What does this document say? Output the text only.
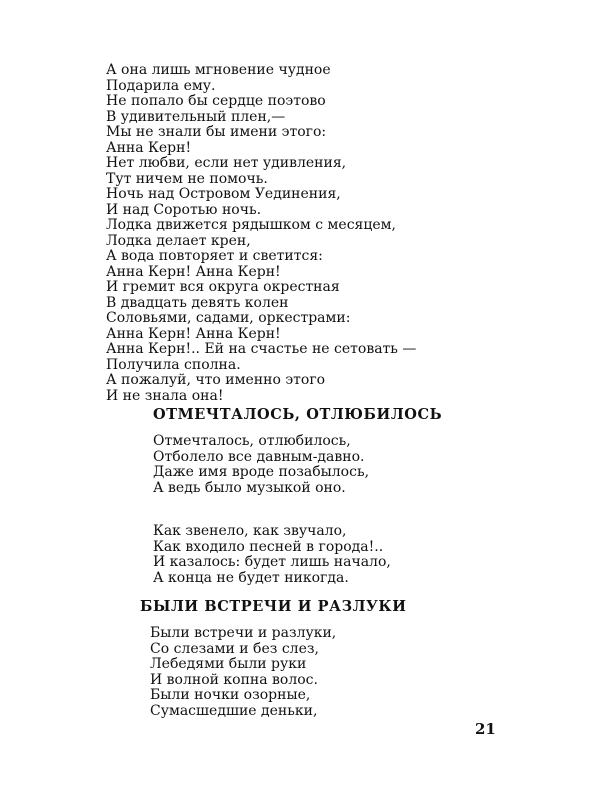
А она лишь мгновение чудное
Подарила ему.
Не попало бы сердце поэтово
В удивительный плен,—
Мы не знали бы имени этого:
Анна Керн!
Нет любви, если нет удивления,
Тут ничем не помочь.
Ночь над Островом Уединения,
И над Соротью ночь.
Лодка движется рядышком с месяцем,
Лодка делает крен,
А вода повторяет и светится:
Анна Керн! Анна Керн!
И гремит вся округа окрестная
В двадцать девять колен
Соловьями, садами, оркестрами:
Анна Керн! Анна Керн!
Анна Керн!.. Ей на счастье не сетовать —
Получила сполна.
А пожалуй, что именно этого
И не знала она!
ОТМЕЧТАЛОСЬ, ОТЛЮБИЛОСЬ
Отмечталось, отлюбилось,
Отболело все давным-давно.
Даже имя вроде позабылось,
А ведь было музыкой оно.
Как звенело, как звучало,
Как входило песней в города!..
И казалось: будет лишь начало,
А конца не будет никогда.
БЫЛИ ВСТРЕЧИ И РАЗЛУКИ
Были встречи и разлуки,
Со слезами и без слез,
Лебедями были руки
И волной копна волос.
Были ночки озорные,
Сумасшедшие деньки,

21
